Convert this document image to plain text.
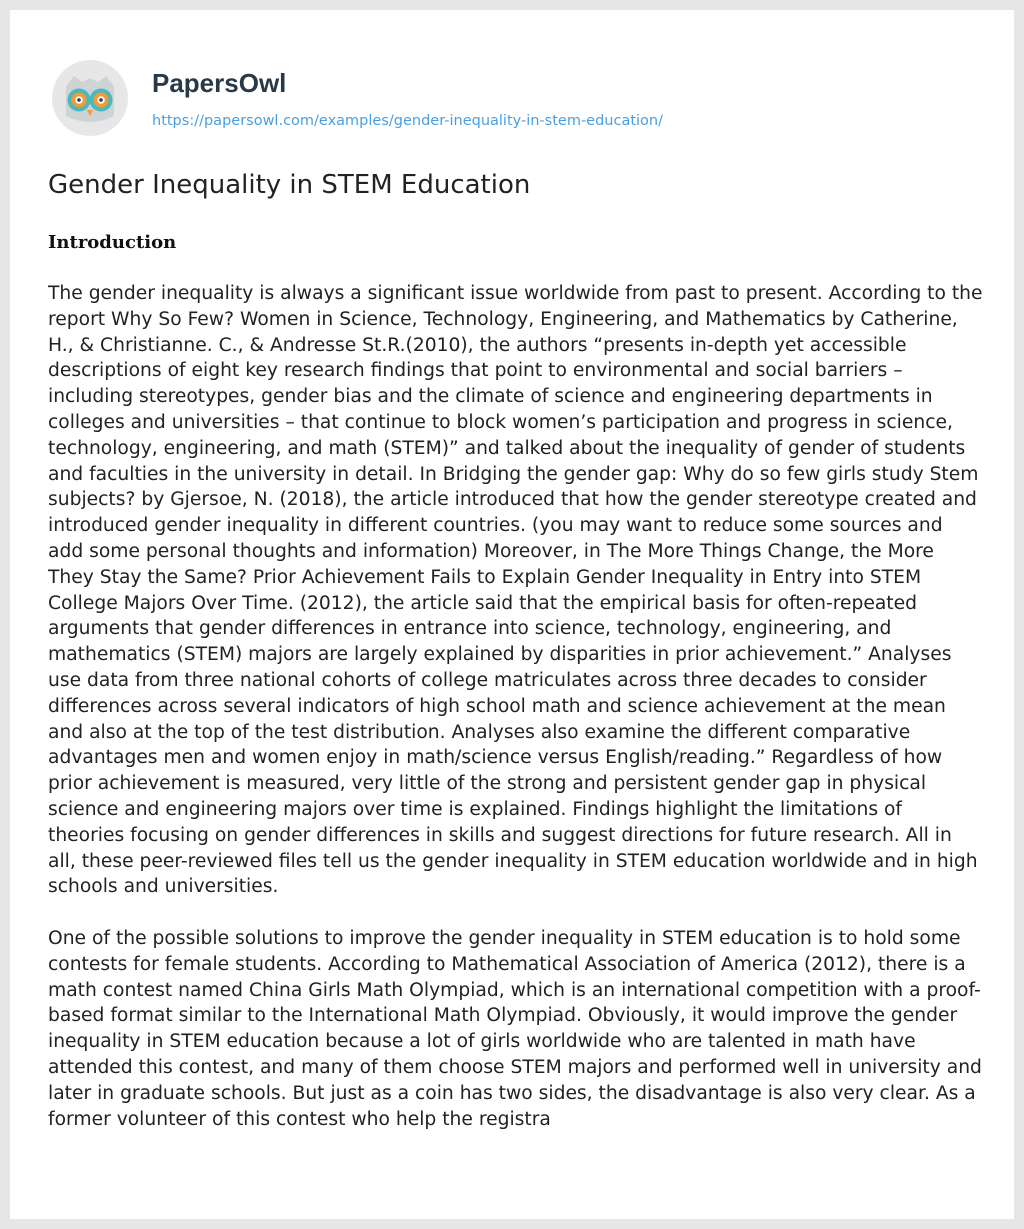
PapersOwl
https://papersowl.com/examples/gender-inequality-in-stem-education/
Gender Inequality in STEM Education
Introduction

The gender inequality is always a significant issue worldwide from past to present. According to the report Why So Few? Women in Science, Technology, Engineering, and Mathematics by Catherine, H., & Christianne. C., & Andresse St.R.(2010), the authors “presents in-depth yet accessible descriptions of eight key research findings that point to environmental and social barriers – including stereotypes, gender bias and the climate of science and engineering departments in colleges and universities – that continue to block women’s participation and progress in science, technology, engineering, and math (STEM)” and talked about the inequality of gender of students and faculties in the university in detail. In Bridging the gender gap: Why do so few girls study Stem subjects? by Gjersoe, N. (2018), the article introduced that how the gender stereotype created and introduced gender inequality in different countries. (you may want to reduce some sources and add some personal thoughts and information) Moreover, in The More Things Change, the More They Stay the Same? Prior Achievement Fails to Explain Gender Inequality in Entry into STEM College Majors Over Time. (2012), the article said that the empirical basis for often-repeated arguments that gender differences in entrance into science, technology, engineering, and mathematics (STEM) majors are largely explained by disparities in prior achievement.” Analyses use data from three national cohorts of college matriculates across three decades to consider differences across several indicators of high school math and science achievement at the mean and also at the top of the test distribution. Analyses also examine the different comparative advantages men and women enjoy in math/science versus English/reading.” Regardless of how prior achievement is measured, very little of the strong and persistent gender gap in physical science and engineering majors over time is explained. Findings highlight the limitations of theories focusing on gender differences in skills and suggest directions for future research. All in all, these peer-reviewed files tell us the gender inequality in STEM education worldwide and in high schools and universities.

One of the possible solutions to improve the gender inequality in STEM education is to hold some contests for female students. According to Mathematical Association of America (2012), there is a math contest named China Girls Math Olympiad, which is an international competition with a proof-based format similar to the International Math Olympiad. Obviously, it would improve the gender inequality in STEM education because a lot of girls worldwide who are talented in math have attended this contest, and many of them choose STEM majors and performed well in university and later in graduate schools. But just as a coin has two sides, the disadvantage is also very clear. As a former volunteer of this contest who help the registra
